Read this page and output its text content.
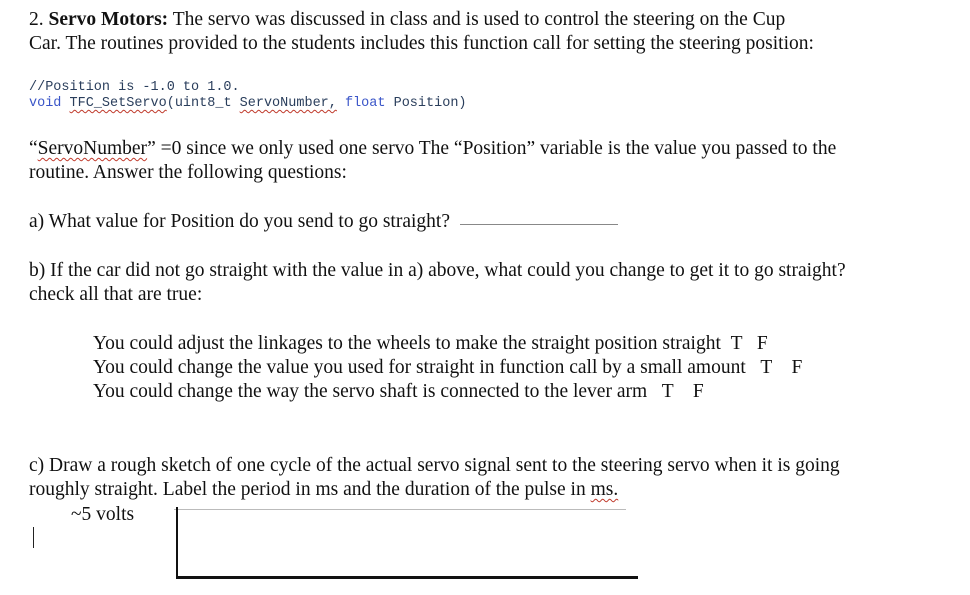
2. Servo Motors: The servo was discussed in class and is used to control the steering on the Cup
Car. The routines provided to the students includes this function call for setting the steering position:
//Position is -1.0 to 1.0.
void TFC_SetServo(uint8_t ServoNumber, float Position)
“ServoNumber” =0 since we only used one servo The “Position” variable is the value you passed to the
routine. Answer the following questions:
a) What value for Position do you send to go straight?
b) If the car did not go straight with the value in a) above, what could you change to get it to go straight?
check all that are true:
You could adjust the linkages to the wheels to make the straight position straight T F
You could change the value you used for straight in function call by a small amount T F
You could change the way the servo shaft is connected to the lever arm T F
c) Draw a rough sketch of one cycle of the actual servo signal sent to the steering servo when it is going
roughly straight. Label the period in ms and the duration of the pulse in ms.
~5 volts
